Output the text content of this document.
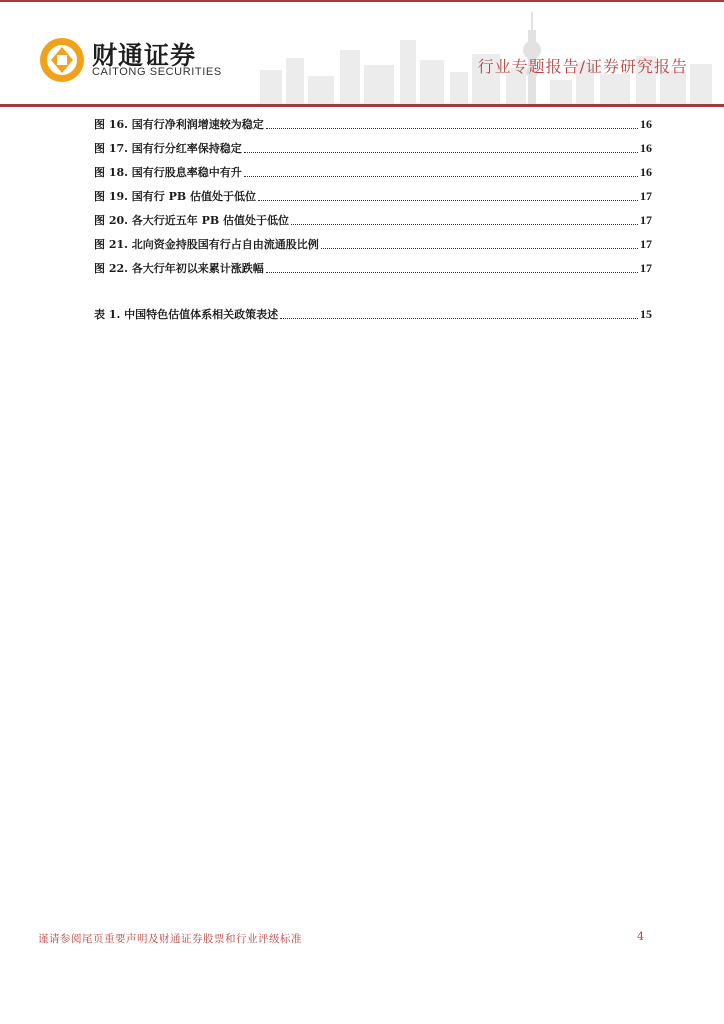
财通证券
CAITONG SECURITIES	行业专题报告/证券研究报告
图 16. 国有行净利润增速较为稳定	16
图 17. 国有行分红率保持稳定	16
图 18. 国有行股息率稳中有升	16
图 19. 国有行 PB 估值处于低位	17
图 20. 各大行近五年 PB 估值处于低位	17
图 21. 北向资金持股国有行占自由流通股比例	17
图 22. 各大行年初以来累计涨跌幅	17
表 1. 中国特色估值体系相关政策表述	15
谨请参阅尾页重要声明及财通证券股票和行业评级标准	4
